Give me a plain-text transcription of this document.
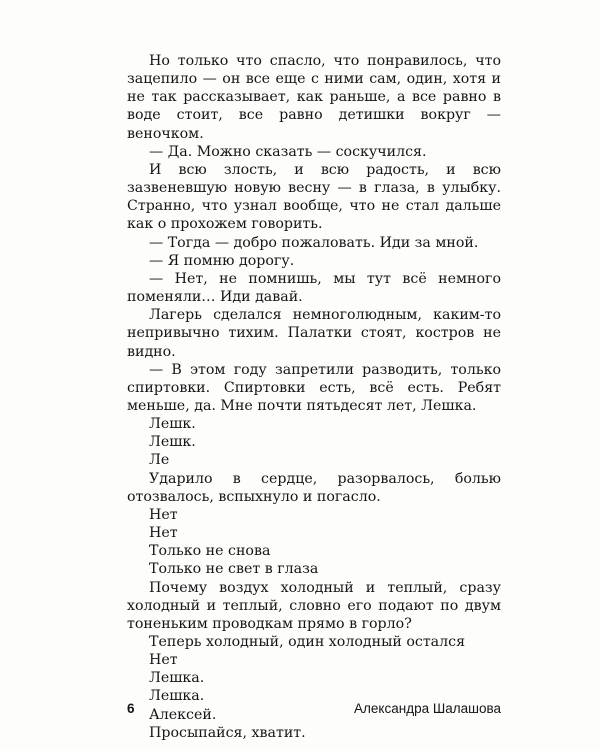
Но только что спасло, что понравилось, что зацепило — он все еще с ними сам, один, хотя и не так рассказывает, как раньше, а все равно в воде стоит, все равно детишки вокруг — веночком.

— Да. Можно сказать — соскучился.

И всю злость, и всю радость, и всю зазвеневшую новую весну — в глаза, в улыбку. Странно, что узнал вообще, что не стал дальше как о прохожем говорить.

— Тогда — добро пожаловать. Иди за мной.

— Я помню дорогу.

— Нет, не помнишь, мы тут всё немного поменяли… Иди давай.

Лагерь сделался немноголюдным, каким-то непривычно тихим. Палатки стоят, костров не видно.

— В этом году запретили разводить, только спиртовки. Спиртовки есть, всё есть. Ребят меньше, да. Мне почти пятьдесят лет, Лешка.

Лешк.

Лешк.

Ле

Ударило в сердце, разорвалось, болью отозвалось, вспыхнуло и погасло.

Нет

Нет

Только не снова

Только не свет в глаза

Почему воздух холодный и теплый, сразу холодный и теплый, словно его подают по двум тоненьким проводкам прямо в горло?

Теперь холодный, один холодный остался

Нет

Лешка.

Лешка.

Алексей.

Просыпайся, хватит.

6	Александра Шалашова
